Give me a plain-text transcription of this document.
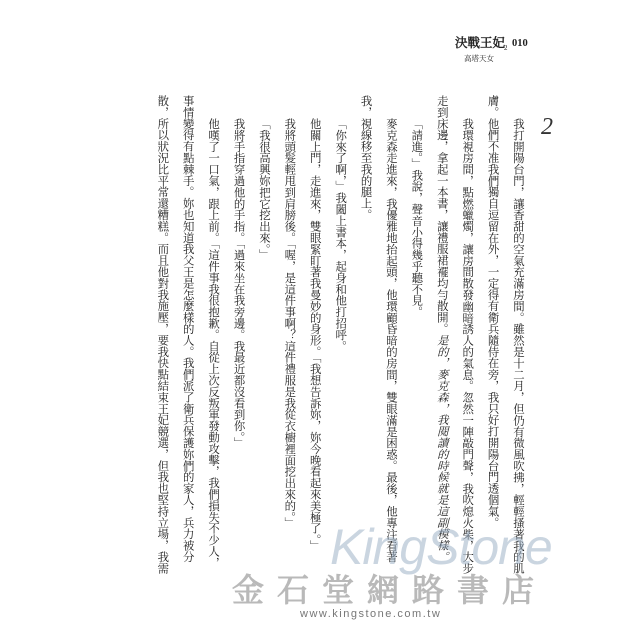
決戰王妃
2 010
高塔天女
2
我打開陽台門，讓香甜的空氣充滿房間。雖然是十二月，但仍有微風吹拂，輕輕搔著我的肌
膚。他們不准我們獨自逗留在外，一定得有衛兵隨侍在旁，我只好打開陽台門透個氣。
我環視房間，點燃蠟燭，讓房間散發幽暗誘人的氣息。忽然一陣敲門聲，我吹熄火柴，大步
走到床邊，拿起一本書，讓禮服裙襬均勻散開。是的，麥克森，我閱讀的時候就是這副模樣。
「請進。」我說，聲音小得幾乎聽不見。
麥克森走進來，我優雅地抬起頭，他環顧昏暗的房間，雙眼滿是困惑。最後，他專注看著
我，視線移至我的腿上。
「你來了啊，」我闔上書本，起身和他打招呼。
他關上門，走進來，雙眼緊盯著我曼妙的身形。「我想告訴妳，妳今晚看起來美極了。」
我將頭髮輕甩到肩膀後。「喔，是這件事啊？這件禮服是我從衣櫥裡面挖出來的。」
「我很高興妳把它挖出來。」
我將手指穿過他的手指。「過來坐在我旁邊。我最近都沒看到你。」
他嘆了一口氣，跟上前。「這件事我很抱歉。自從上次反叛軍發動攻擊，我們損失不少人，
事情變得有點棘手。妳也知道我父王是怎麼樣的人。我們派了衛兵保護妳們的家人，兵力被分
散，所以狀況比平常還糟糕。而且他對我施壓，要我快點結束王妃競選，但我也堅持立場，我需	KingStone
金石堂網路書店
www.kingstone.com.tw
